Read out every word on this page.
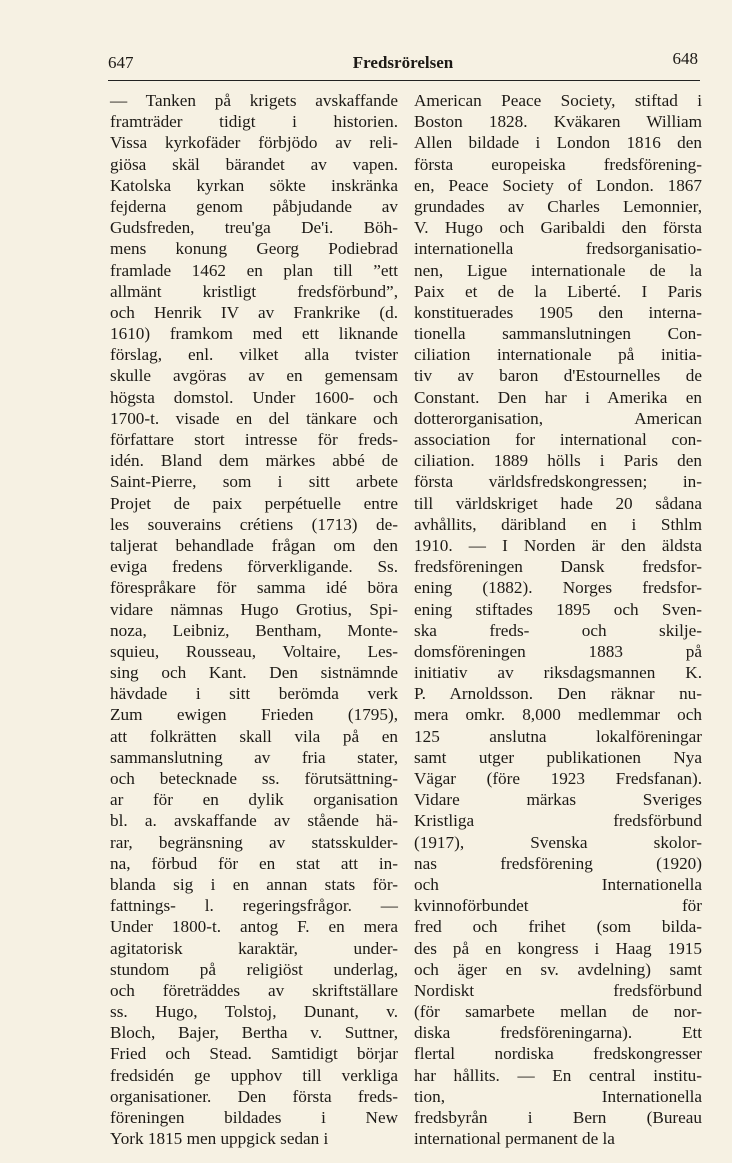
647	Fredsrörelsen	648
— Tanken på krigets avskaffande
framträder tidigt i historien.
Vissa kyrkofäder förbjödo av reli-
giösa skäl bärandet av vapen.
Katolska kyrkan sökte inskränka
fejderna genom påbjudande av
Gudsfreden, treu'ga De'i. Böh-
mens konung Georg Podiebrad
framlade 1462 en plan till ”ett
allmänt kristligt fredsförbund”,
och Henrik IV av Frankrike (d.
1610) framkom med ett liknande
förslag, enl. vilket alla tvister
skulle avgöras av en gemensam
högsta domstol. Under 1600- och
1700-t. visade en del tänkare och
författare stort intresse för freds-
idén. Bland dem märkes abbé de
Saint-Pierre, som i sitt arbete
Projet de paix perpétuelle entre
les souverains crétiens (1713) de-
taljerat behandlade frågan om den
eviga fredens förverkligande. Ss.
förespråkare för samma idé böra
vidare nämnas Hugo Grotius, Spi-
noza, Leibniz, Bentham, Monte-
squieu, Rousseau, Voltaire, Les-
sing och Kant. Den sistnämnde
hävdade i sitt berömda verk
Zum ewigen Frieden (1795),
att folkrätten skall vila på en
sammanslutning av fria stater,
och betecknade ss. förutsättning-
ar för en dylik organisation
bl. a. avskaffande av stående hä-
rar, begränsning av statsskulder-
na, förbud för en stat att in-
blanda sig i en annan stats för-
fattnings- l. regeringsfrågor. —
Under 1800-t. antog F. en mera
agitatorisk karaktär, under-
stundom på religiöst underlag,
och företräddes av skriftställare
ss. Hugo, Tolstoj, Dunant, v.
Bloch, Bajer, Bertha v. Suttner,
Fried och Stead. Samtidigt börjar
fredsidén ge upphov till verkliga
organisationer. Den första freds-
föreningen bildades i New
York 1815 men uppgick sedan i
American Peace Society, stiftad i
Boston 1828. Kväkaren William
Allen bildade i London 1816 den
första europeiska fredsförening-
en, Peace Society of London. 1867
grundades av Charles Lemonnier,
V. Hugo och Garibaldi den första
internationella fredsorganisatio-
nen, Ligue internationale de la
Paix et de la Liberté. I Paris
konstituerades 1905 den interna-
tionella sammanslutningen Con-
ciliation internationale på initia-
tiv av baron d'Estournelles de
Constant. Den har i Amerika en
dotterorganisation, American
association for international con-
ciliation. 1889 hölls i Paris den
första världsfredskongressen; in-
till världskriget hade 20 sådana
avhållits, däribland en i Sthlm
1910. — I Norden är den äldsta
fredsföreningen Dansk fredsfor-
ening (1882). Norges fredsfor-
ening stiftades 1895 och Sven-
ska freds- och skilje-
domsföreningen 1883 på
initiativ av riksdagsmannen K.
P. Arnoldsson. Den räknar nu-
mera omkr. 8,000 medlemmar och
125 anslutna lokalföreningar
samt utger publikationen Nya
Vägar (före 1923 Fredsfanan).
Vidare märkas Sveriges
Kristliga fredsförbund
(1917), Svenska skolor-
nas fredsförening (1920)
och Internationella
kvinnoförbundet för
fred och frihet (som bilda-
des på en kongress i Haag 1915
och äger en sv. avdelning) samt
Nordiskt fredsförbund
(för samarbete mellan de nor-
diska fredsföreningarna). Ett
flertal nordiska fredskongresser
har hållits. — En central institu-
tion, Internationella
fredsbyrån i Bern (Bureau
international permanent de la
